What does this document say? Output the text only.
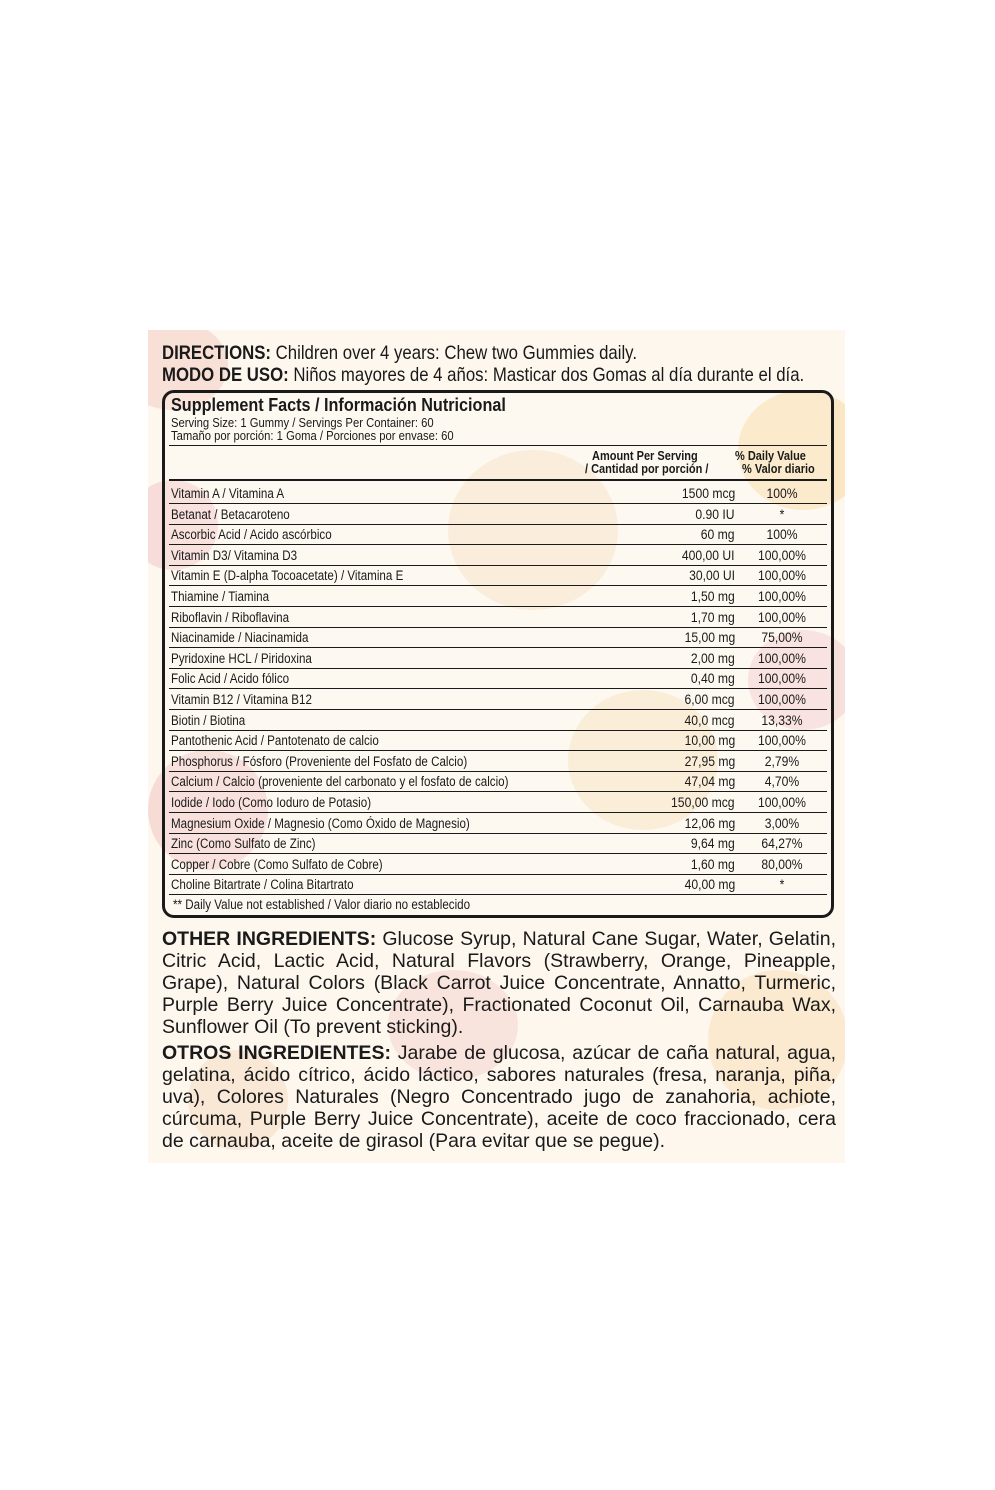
DIRECTIONS: Children over 4 years: Chew two Gummies daily.
MODO DE USO: Niños mayores de 4 años: Masticar dos Gomas al día durante el día.
Supplement Facts / Información Nutricional
Serving Size: 1 Gummy / Servings Per Container: 60
Tamaño por porción: 1 Goma / Porciones por envase: 60
Amount Per Serving
/ Cantidad por porción /
% Daily Value
% Valor diario
Vitamin A / Vitamina A	1500 mcg	100%
Betanat / Betacaroteno	0.90 IU	*
Ascorbic Acid / Acido ascórbico	60 mg	100%
Vitamin D3/ Vitamina D3	400,00 UI	100,00%
Vitamin E (D-alpha Tocoacetate) / Vitamina E	30,00 UI	100,00%
Thiamine / Tiamina	1,50 mg	100,00%
Riboflavin / Riboflavina	1,70 mg	100,00%
Niacinamide / Niacinamida	15,00 mg	75,00%
Pyridoxine HCL / Piridoxina	2,00 mg	100,00%
Folic Acid / Acido fólico	0,40 mg	100,00%
Vitamin B12 / Vitamina B12	6,00 mcg	100,00%
Biotin / Biotina	40,0 mcg	13,33%
Pantothenic Acid / Pantotenato de calcio	10,00 mg	100,00%
Phosphorus / Fósforo (Proveniente del Fosfato de Calcio)	27,95 mg	2,79%
Calcium / Calcio (proveniente del carbonato y el fosfato de calcio)	47,04 mg	4,70%
Iodide / Iodo (Como Ioduro de Potasio)	150,00 mcg	100,00%
Magnesium Oxide / Magnesio (Como Óxido de Magnesio)	12,06 mg	3,00%
Zinc (Como Sulfato de Zinc)	9,64 mg	64,27%
Copper / Cobre (Como Sulfato de Cobre)	1,60 mg	80,00%
Choline Bitartrate / Colina Bitartrato	40,00 mg	*
** Daily Value not established / Valor diario no establecido
OTHER INGREDIENTS: Glucose Syrup, Natural Cane Sugar, Water, Gelatin, Citric Acid, Lactic Acid, Natural Flavors (Strawberry, Orange, Pineapple, Grape), Natural Colors (Black Carrot Juice Concentrate, Annatto, Turmeric, Purple Berry Juice Concentrate), Fractionated Coconut Oil, Carnauba Wax, Sunflower Oil (To prevent sticking).
OTROS INGREDIENTES: Jarabe de glucosa, azúcar de caña natural, agua, gelatina, ácido cítrico, ácido láctico, sabores naturales (fresa, naranja, piña, uva), Colores Naturales (Negro Concentrado jugo de zanahoria, achiote, cúrcuma, Purple Berry Juice Concentrate), aceite de coco fraccionado, cera de carnauba, aceite de girasol (Para evitar que se pegue).
